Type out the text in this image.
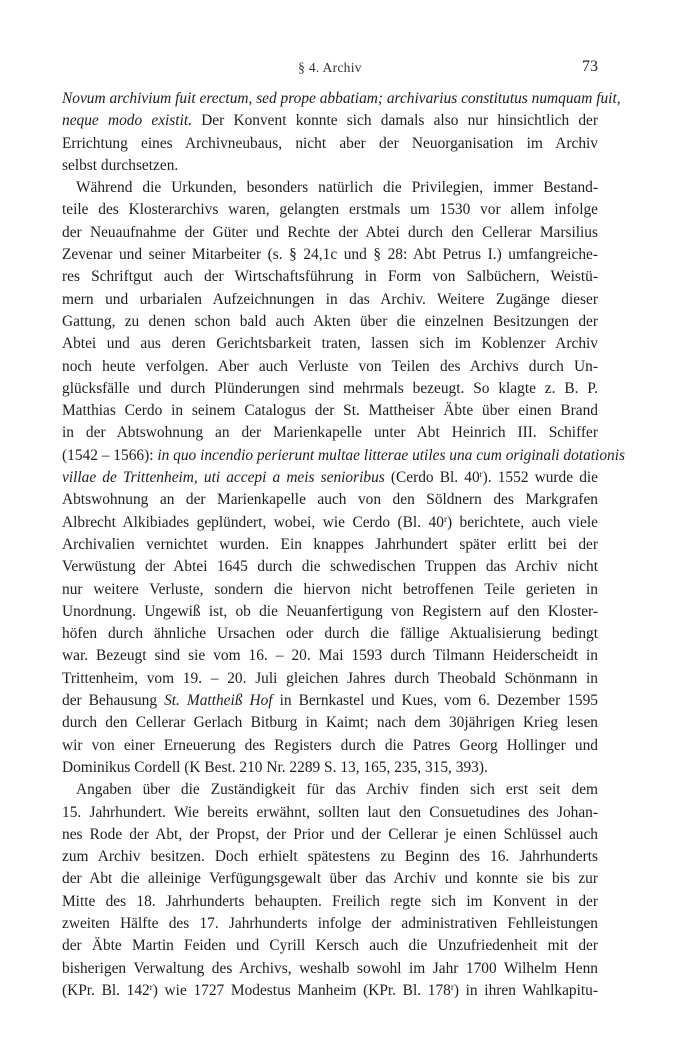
§ 4. Archiv	73
Novum archivium fuit erectum, sed prope abbatiam; archivarius constitutus numquam fuit,
neque modo existit. Der Konvent konnte sich damals also nur hinsichtlich der
Errichtung eines Archivneubaus, nicht aber der Neuorganisation im Archiv
selbst durchsetzen.
Während die Urkunden, besonders natürlich die Privilegien, immer Bestand-
teile des Klosterarchivs waren, gelangten erstmals um 1530 vor allem infolge
der Neuaufnahme der Güter und Rechte der Abtei durch den Cellerar Marsilius
Zevenar und seiner Mitarbeiter (s. § 24,1c und § 28: Abt Petrus I.) umfangreiche-
res Schriftgut auch der Wirtschaftsführung in Form von Salbüchern, Weistü-
mern und urbarialen Aufzeichnungen in das Archiv. Weitere Zugänge dieser
Gattung, zu denen schon bald auch Akten über die einzelnen Besitzungen der
Abtei und aus deren Gerichtsbarkeit traten, lassen sich im Koblenzer Archiv
noch heute verfolgen. Aber auch Verluste von Teilen des Archivs durch Un-
glücksfälle und durch Plünderungen sind mehrmals bezeugt. So klagte z. B. P.
Matthias Cerdo in seinem Catalogus der St. Mattheiser Äbte über einen Brand
in der Abtswohnung an der Marienkapelle unter Abt Heinrich III. Schiffer
(1542 – 1566): in quo incendio perierunt multae litterae utiles una cum originali dotationis
villae de Trittenheim, uti accepi a meis senioribus (Cerdo Bl. 40$^r$). 1552 wurde die
Abtswohnung an der Marienkapelle auch von den Söldnern des Markgrafen
Albrecht Alkibiades geplündert, wobei, wie Cerdo (Bl. 40$^r$) berichtete, auch viele
Archivalien vernichtet wurden. Ein knappes Jahrhundert später erlitt bei der
Verwüstung der Abtei 1645 durch die schwedischen Truppen das Archiv nicht
nur weitere Verluste, sondern die hiervon nicht betroffenen Teile gerieten in
Unordnung. Ungewiß ist, ob die Neuanfertigung von Registern auf den Kloster-
höfen durch ähnliche Ursachen oder durch die fällige Aktualisierung bedingt
war. Bezeugt sind sie vom 16. – 20. Mai 1593 durch Tilmann Heiderscheidt in
Trittenheim, vom 19. – 20. Juli gleichen Jahres durch Theobald Schönmann in
der Behausung St. Mattheiß Hof in Bernkastel und Kues, vom 6. Dezember 1595
durch den Cellerar Gerlach Bitburg in Kaimt; nach dem 30jährigen Krieg lesen
wir von einer Erneuerung des Registers durch die Patres Georg Hollinger und
Dominikus Cordell (K Best. 210 Nr. 2289 S. 13, 165, 235, 315, 393).
Angaben über die Zuständigkeit für das Archiv finden sich erst seit dem
15. Jahrhundert. Wie bereits erwähnt, sollten laut den Consuetudines des Johan-
nes Rode der Abt, der Propst, der Prior und der Cellerar je einen Schlüssel auch
zum Archiv besitzen. Doch erhielt spätestens zu Beginn des 16. Jahrhunderts
der Abt die alleinige Verfügungsgewalt über das Archiv und konnte sie bis zur
Mitte des 18. Jahrhunderts behaupten. Freilich regte sich im Konvent in der
zweiten Hälfte des 17. Jahrhunderts infolge der administrativen Fehlleistungen
der Äbte Martin Feiden und Cyrill Kersch auch die Unzufriedenheit mit der
bisherigen Verwaltung des Archivs, weshalb sowohl im Jahr 1700 Wilhelm Henn
(KPr. Bl. 142$^r$) wie 1727 Modestus Manheim (KPr. Bl. 178$^r$) in ihren Wahlkapitu-
